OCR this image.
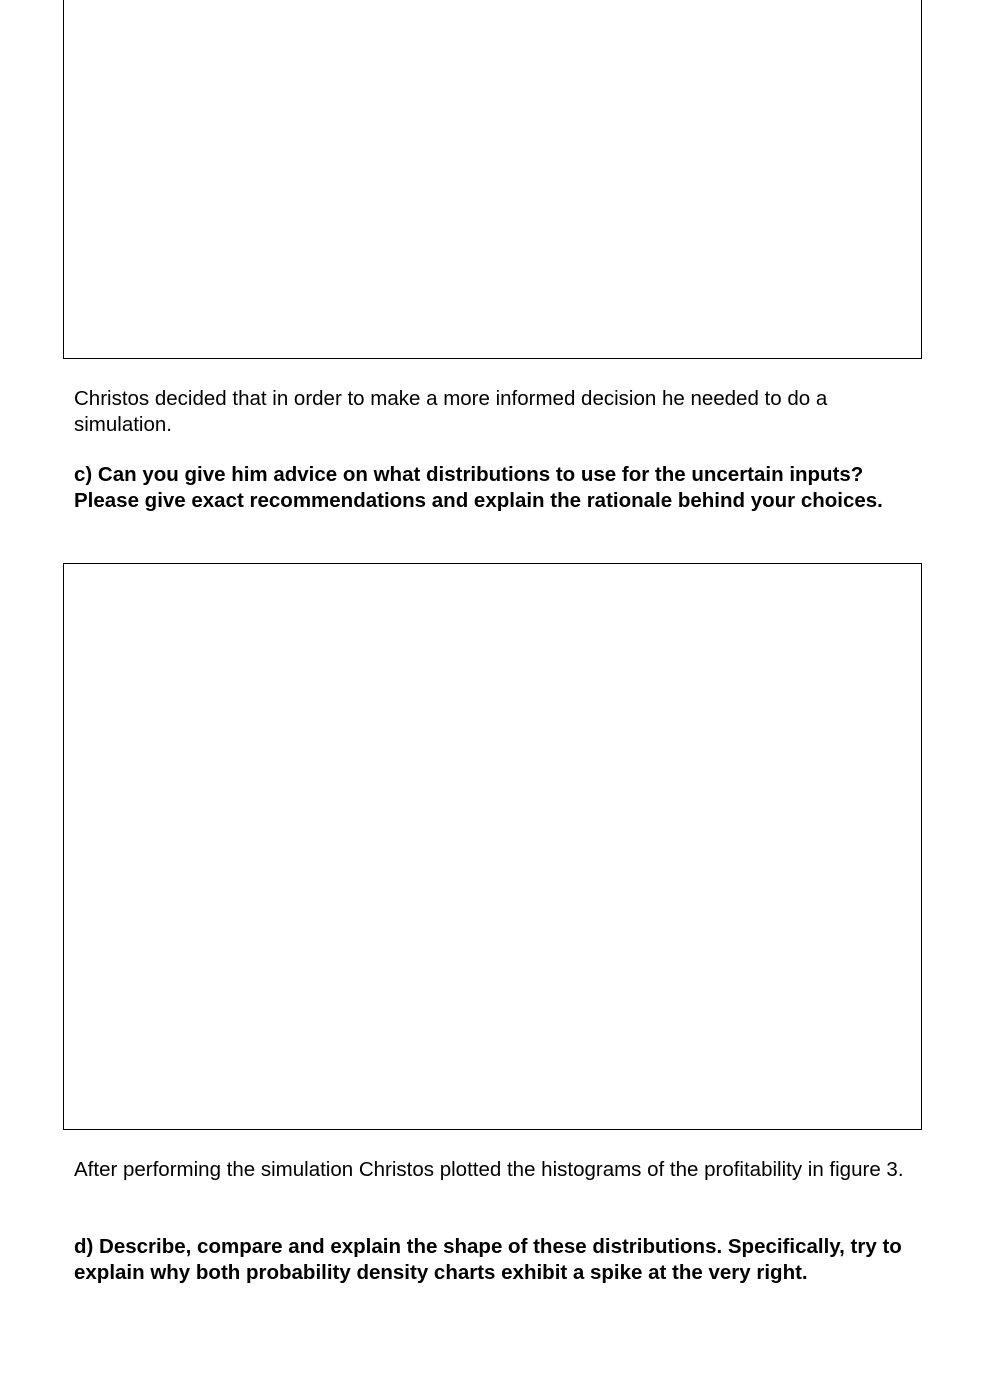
Christos decided that in order to make a more informed decision he needed to do a simulation.

c) Can you give him advice on what distributions to use for the uncertain inputs? Please give exact recommendations and explain the rationale behind your choices.

After performing the simulation Christos plotted the histograms of the profitability in figure 3.

d) Describe, compare and explain the shape of these distributions. Specifically, try to explain why both probability density charts exhibit a spike at the very right.
